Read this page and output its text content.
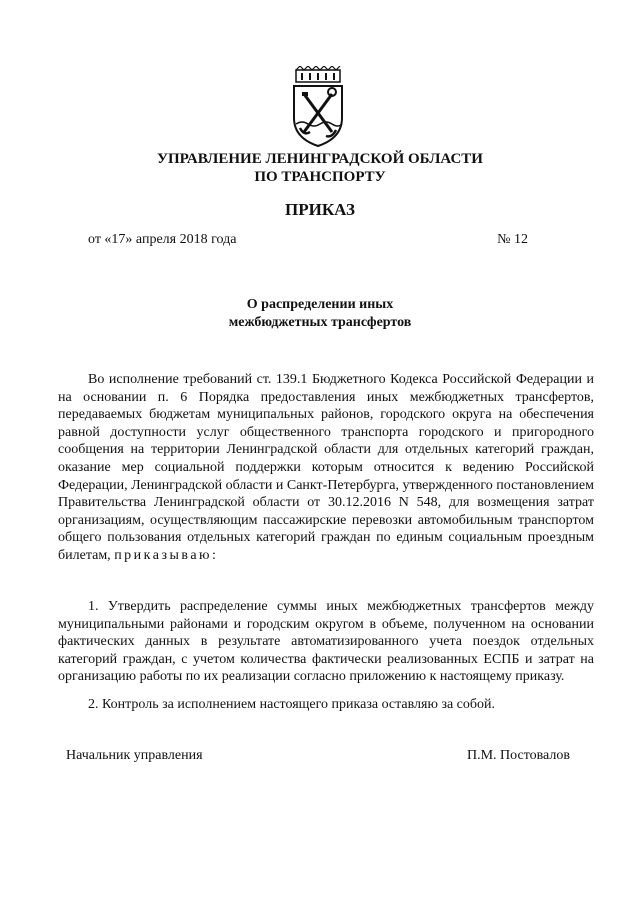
УПРАВЛЕНИЕ ЛЕНИНГРАДСКОЙ ОБЛАСТИ
ПО ТРАНСПОРТУ
ПРИКАЗ
от «17» апреля 2018 года	№ 12
О распределении иных
межбюджетных трансфертов
Во исполнение требований ст. 139.1 Бюджетного Кодекса Российской Федерации и на основании п. 6 Порядка предоставления иных межбюджетных трансфертов, передаваемых бюджетам муниципальных районов, городского округа на обеспечения равной доступности услуг общественного транспорта городского и пригородного сообщения на территории Ленинградской области для отдельных категорий граждан, оказание мер социальной поддержки которым относится к ведению Российской Федерации, Ленинградской области и Санкт-Петербурга, утвержденного постановлением Правительства Ленинградской области от 30.12.2016 N 548, для возмещения затрат организациям, осуществляющим пассажирские перевозки автомобильным транспортом общего пользования отдельных категорий граждан по единым социальным проездным билетам, приказываю:
1. Утвердить распределение суммы иных межбюджетных трансфертов между муниципальными районами и городским округом в объеме, полученном на основании фактических данных в результате автоматизированного учета поездок отдельных категорий граждан, с учетом количества фактически реализованных ЕСПБ и затрат на организацию работы по их реализации согласно приложению к настоящему приказу.
2. Контроль за исполнением настоящего приказа оставляю за собой.
Начальник управления	П.М. Постовалов
